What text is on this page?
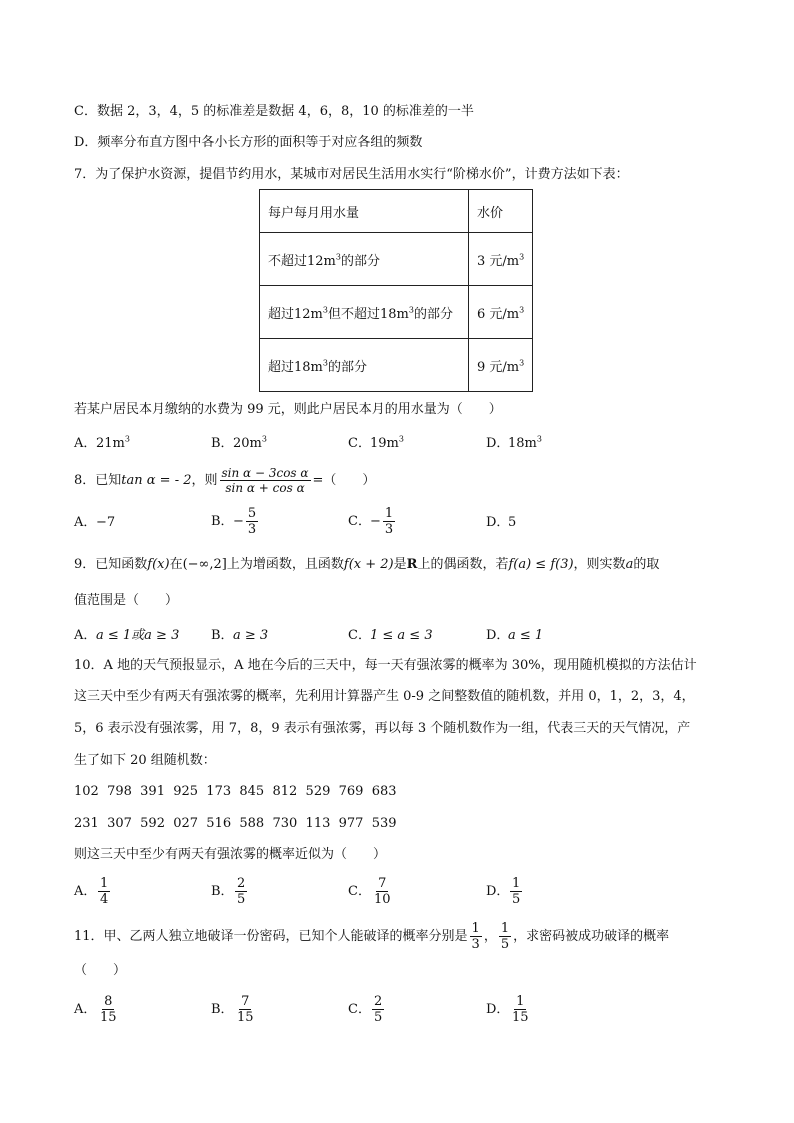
C．数据 2，3，4，5 的标准差是数据 4，6，8，10 的标准差的一半
D．频率分布直方图中各小长方形的面积等于对应各组的频数
7．为了保护水资源，提倡节约用水，某城市对居民生活用水实行“阶梯水价”，计费方法如下表：
每户每月用水量	水价
不超过$12m^3$的部分	3 元$/m^3$
超过$12m^3$但不超过$18m^3$的部分	6 元$/m^3$
超过$18m^3$的部分	9 元$/m^3$
若某户居民本月缴纳的水费为 99 元，则此户居民本月的用水量为（　　）
A．$21m^3$	B．$20m^3$	C．$19m^3$	D．$18m^3$
8．已知tan α = - 2，则 $\frac{\text{sin α − 3cos α}}{\text{sin α + cos α}}$ =（　　）
A．−7	B．− $\frac{5}{3}$	C．− $\frac{1}{3}$	D．5
9．已知函数f(x)在(−∞,2]上为增函数，且函数f(x + 2)是R上的偶函数，若f(a) ≤ f(3)，则实数a的取
值范围是（　　）
A．a ≤ 1或a ≥ 3 B．a ≥ 3	C．1 ≤ a ≤ 3	D．a ≤ 1
10．A 地的天气预报显示，A 地在今后的三天中，每一天有强浓雾的概率为 30%，现用随机模拟的方法估计
这三天中至少有两天有强浓雾的概率，先利用计算器产生 0-9 之间整数值的随机数，并用 0，1，2，3，4，
5，6 表示没有强浓雾，用 7，8，9 表示有强浓雾，再以每 3 个随机数作为一组，代表三天的天气情况，产
生了如下 20 组随机数：
102  798  391  925  173  845  812  529  769  683
231  307  592  027  516  588  730  113  977  539
则这三天中至少有两天有强浓雾的概率近似为（　　）
A． $\frac{1}{4}$	B． $\frac{2}{5}$	C． $\frac{7}{10}$	D． $\frac{1}{5}$
11．甲、乙两人独立地破译一份密码，已知个人能破译的概率分别是 $\frac{1}{3}$ ， $\frac{1}{5}$ ，求密码被成功破译的概率
（　　）
A． $\frac{8}{15}$	B． $\frac{7}{15}$	C． $\frac{2}{5}$	D． $\frac{1}{15}$
